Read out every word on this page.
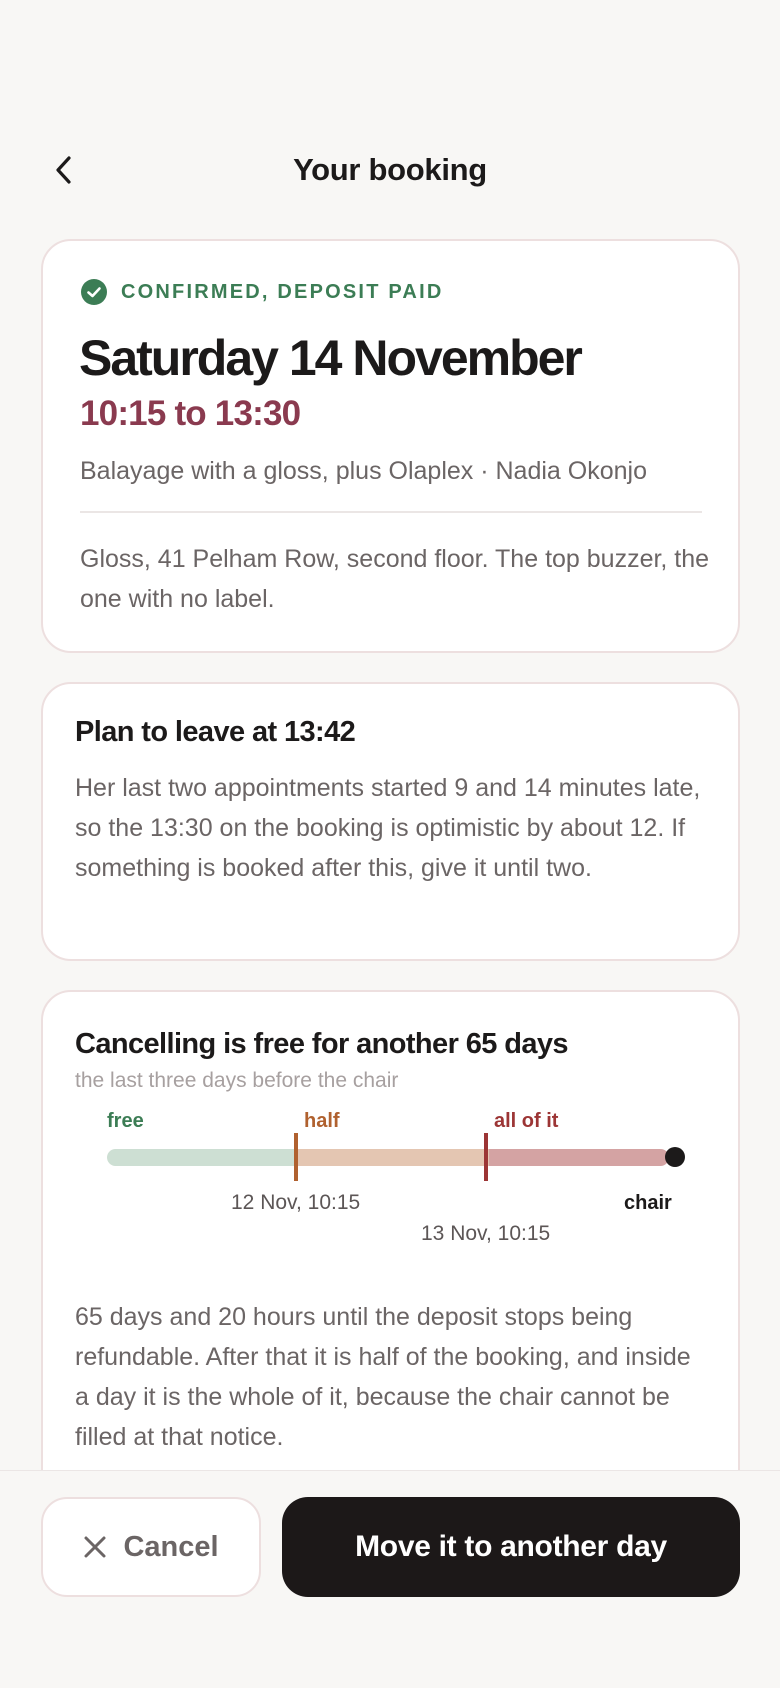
Your booking
CONFIRMED, DEPOSIT PAID
Saturday 14 November
10:15 to 13:30
Balayage with a gloss, plus Olaplex · Nadia Okonjo
Gloss, 41 Pelham Row, second floor. The top buzzer, the one with no label.
Plan to leave at 13:42
Her last two appointments started 9 and 14 minutes late, so the 13:30 on the booking is optimistic by about 12. If something is booked after this, give it until two.
Cancelling is free for another 65 days
the last three days before the chair
free	half	all of it
12 Nov, 10:15
13 Nov, 10:15
chair
65 days and 20 hours until the deposit stops being refundable. After that it is half of the booking, and inside a day it is the whole of it, because the chair cannot be filled at that notice.
Cancel	Move it to another day
